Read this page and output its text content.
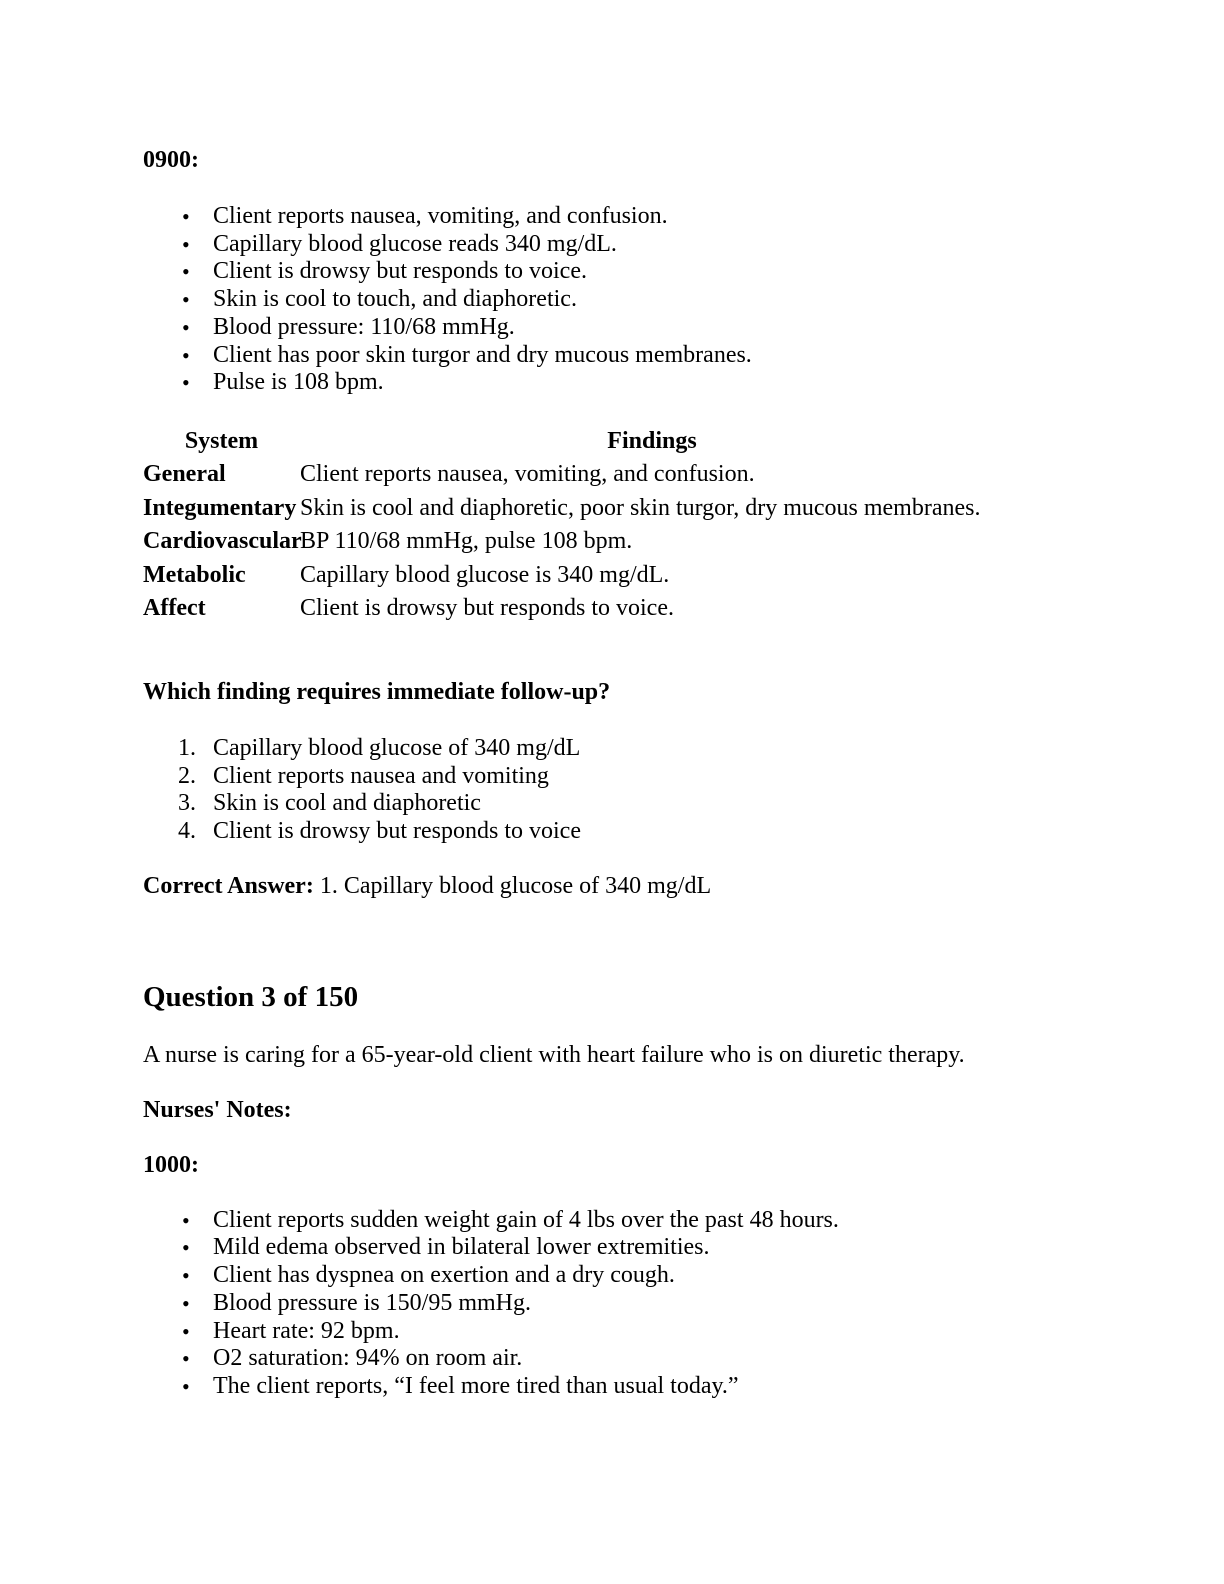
0900:
• Client reports nausea, vomiting, and confusion.
• Capillary blood glucose reads 340 mg/dL.
• Client is drowsy but responds to voice.
• Skin is cool to touch, and diaphoretic.
• Blood pressure: 110/68 mmHg.
• Client has poor skin turgor and dry mucous membranes.
• Pulse is 108 bpm.
System	Findings
General	Client reports nausea, vomiting, and confusion.
Integumentary	Skin is cool and diaphoretic, poor skin turgor, dry mucous membranes.
Cardiovascular	BP 110/68 mmHg, pulse 108 bpm.
Metabolic	Capillary blood glucose is 340 mg/dL.
Affect	Client is drowsy but responds to voice.
Which finding requires immediate follow-up?
Capillary blood glucose of 340 mg/dL
Client reports nausea and vomiting
Skin is cool and diaphoretic
Client is drowsy but responds to voice
Correct Answer: 1. Capillary blood glucose of 340 mg/dL
Question 3 of 150
A nurse is caring for a 65-year-old client with heart failure who is on diuretic therapy.
Nurses' Notes:
1000:
• Client reports sudden weight gain of 4 lbs over the past 48 hours.
• Mild edema observed in bilateral lower extremities.
• Client has dyspnea on exertion and a dry cough.
• Blood pressure is 150/95 mmHg.
• Heart rate: 92 bpm.
• O2 saturation: 94% on room air.
• The client reports, “I feel more tired than usual today.”
